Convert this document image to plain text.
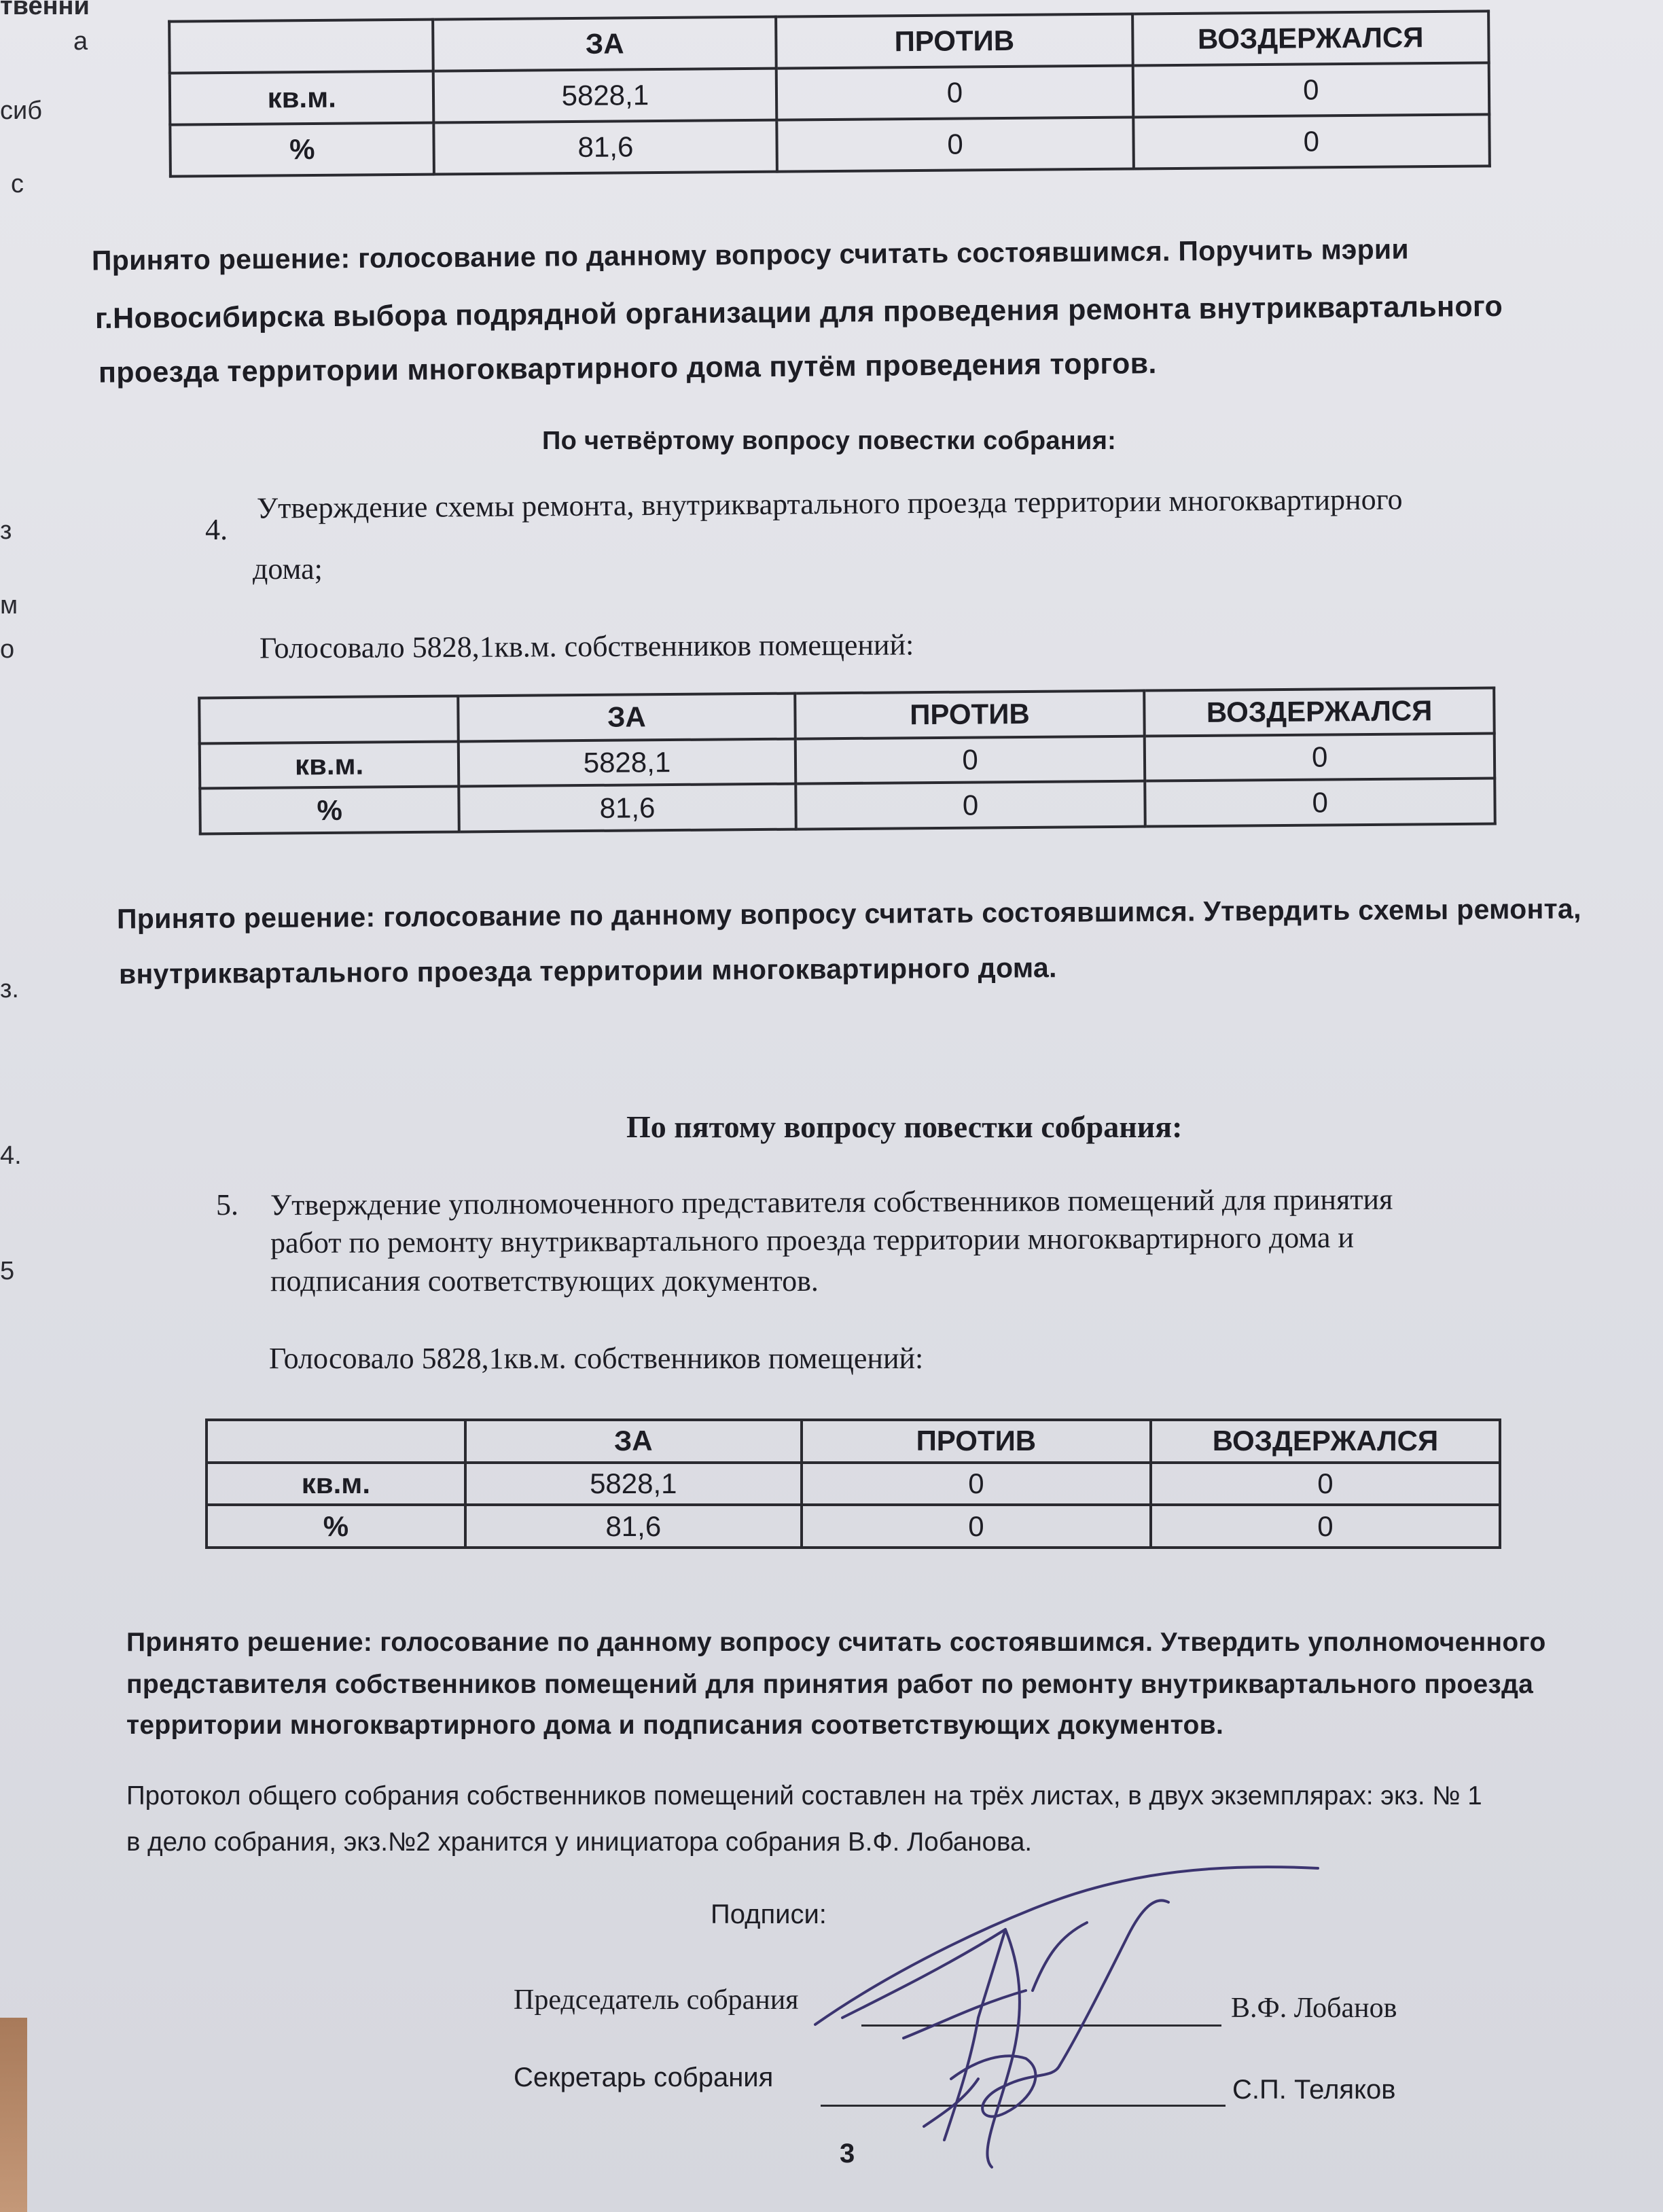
твенни
а
сиб
с
з
м
о
з.
4.
5
	ЗА	ПРОТИВ	ВОЗДЕРЖАЛСЯ
кв.м.	5828,1	0	0
%	81,6	0	0
Принято решение: голосование по данному вопросу считать состоявшимся. Поручить мэрии
г.Новосибирска выбора подрядной организации для проведения ремонта внутриквартального
проезда территории многоквартирного дома путём проведения торгов.
По четвёртому вопросу повестки собрания:
4.
Утверждение схемы ремонта, внутриквартального проезда территории многоквартирного
дома;
Голосовало 5828,1кв.м. собственников помещений:
	ЗА	ПРОТИВ	ВОЗДЕРЖАЛСЯ
кв.м.	5828,1	0	0
%	81,6	0	0
Принято решение: голосование по данному вопросу считать состоявшимся. Утвердить схемы ремонта,
внутриквартального проезда территории многоквартирного дома.
По пятому вопросу повестки собрания:
5. Утверждение уполномоченного представителя собственников помещений для принятия
работ по ремонту внутриквартального проезда территории многоквартирного дома и
подписания соответствующих документов.
Голосовало 5828,1кв.м. собственников помещений:
	ЗА	ПРОТИВ	ВОЗДЕРЖАЛСЯ
кв.м.	5828,1	0	0
%	81,6	0	0
Принято решение: голосование по данному вопросу считать состоявшимся. Утвердить уполномоченного
представителя собственников помещений для принятия работ по ремонту внутриквартального проезда
территории многоквартирного дома и подписания соответствующих документов.
Протокол общего собрания собственников помещений составлен на трёх листах, в двух экземплярах: экз. № 1
в дело собрания, экз.№2 хранится у инициатора собрания В.Ф. Лобанова.
Подписи:
Председатель собрания	В.Ф. Лобанов
Секретарь собрания	С.П. Теляков
3
